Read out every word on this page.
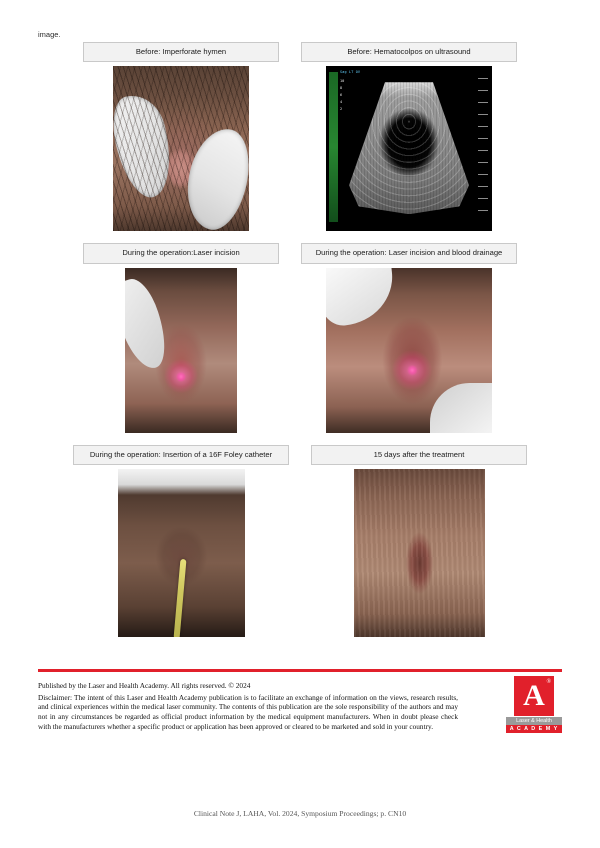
image.
Before: Imperforate hymen	Before: Hematocolpos on ultrasound
Sag LT OV
10
8
6
4
2
During the operation:Laser incision	During the operation: Laser incision and blood drainage
During the operation: Insertion of a 16F Foley catheter	15 days after the treatment

Published by the Laser and Health Academy. All rights reserved. © 2024

Disclaimer: The intent of this Laser and Health Academy publication is to facilitate an exchange of information on the views, research results, and clinical experiences within the medical laser community. The contents of this publication are the sole responsibility of the authors and may not in any circumstances be regarded as official product information by the medical equipment manufacturers. When in doubt please check with the manufacturers whether a specific product or application has been approved or cleared to be marketed and sold in your country.

A ®
Laser & Health
A C A D E M Y
Clinical Note J, LAHA, Vol. 2024, Symposium Proceedings; p. CN10
